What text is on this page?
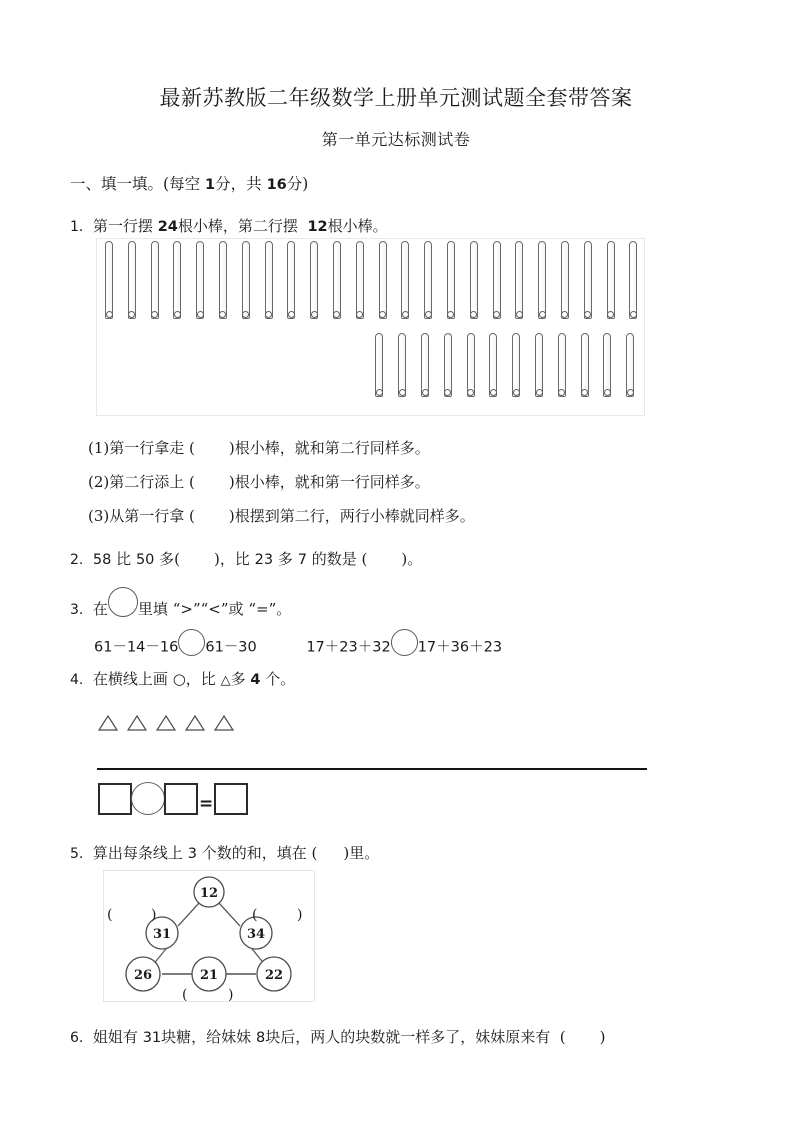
最新苏教版二年级数学上册单元测试题全套带答案
第一单元达标测试卷
一、填一填。(每空 1分，共 16分)
1. 第一行摆 24根小棒，第二行摆 12根小棒。
(1)第一行拿走 ( )根小棒，就和第二行同样多。
(2)第二行添上 ( )根小棒，就和第一行同样多。
(3)从第一行拿 ( )根摆到第二行，两行小棒就同样多。
2. 58 比 50 多( )，比 23 多 7 的数是 ( )。
3. 在 里填 “>”“<”或 “=”。
61－14－16 61－30	17＋23＋32 17＋36＋23
4. 在横线上画 ○，比 △多 4 个。
=
5. 算出每条线上 3 个数的和，填在 ( )里。
12
31	34
26	21	22
(	)	(	)
(	)
6. 姐姐有 31块糖，给妹妹 8块后，两人的块数就一样多了，妹妹原来有 ( )
